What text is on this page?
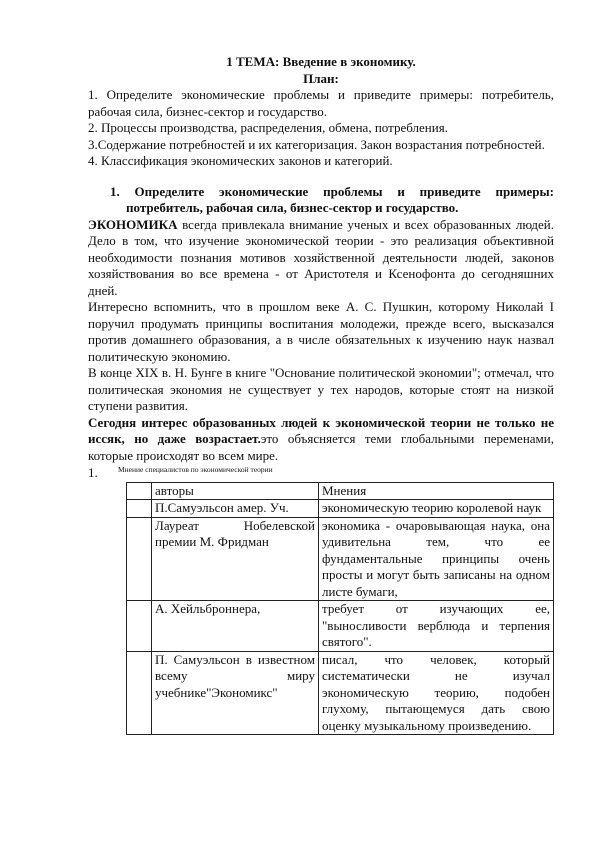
1 ТЕМА: Введение в экономику.

План:

1. Определите экономические проблемы и приведите примеры: потребитель, рабочая сила, бизнес-сектор и государство.

2. Процессы производства, распределения, обмена, потребления.

3.Содержание потребностей и их категоризация. Закон возрастания потребностей.

4. Классификация экономических законов и категорий.

1. Определите экономические проблемы и приведите примеры: потребитель, рабочая сила, бизнес-сектор и государство.

ЭКОНОМИКА всегда привлекала внимание ученых и всех образованных людей. Дело в том, что изучение экономической теории - это реализация объективной необходимости познания мотивов хозяйственной деятельности людей, законов хозяйствования во все времена - от Аристотеля и Ксенофонта до сегодняшних дней.

Интересно вспомнить, что в прошлом веке А. С. Пушкин, которому Николай I поручил продумать принципы воспитания молодежи, прежде всего, высказался против домашнего образования, а в числе обязательных к изучению наук назвал политическую экономию.

В конце XIX в. Н. Бунге в книге "Основание политической экономии"; отмечал, что политическая экономия не существует у тех народов, которые стоят на низкой ступени развития.

Сегодня интерес образованных людей к экономической теории не только не иссяк, но даже возрастает.это объясняется теми глобальными переменами, которые происходят во всем мире.

1.	Мнение специалистов по экономической теории
	авторы	Мнения
	П.Самуэльсон амер. Уч.	экономическую теорию королевой наук
	Лауреат Нобелевской премии М. Фридман	экономика - очаровывающая наука, она удивительна тем, что ее фундаментальные принципы очень просты и могут быть записаны на одном листе бумаги,
	А. Хейльброннера,	требует от изучающих ее, "выносливости верблюда и терпения святого".
	П. Самуэльсон в известном всему миру учебнике"Экономикс"	писал, что человек, который систематически не изучал экономическую теорию, подобен глухому, пытающемуся дать свою оценку музыкальному произведению.
